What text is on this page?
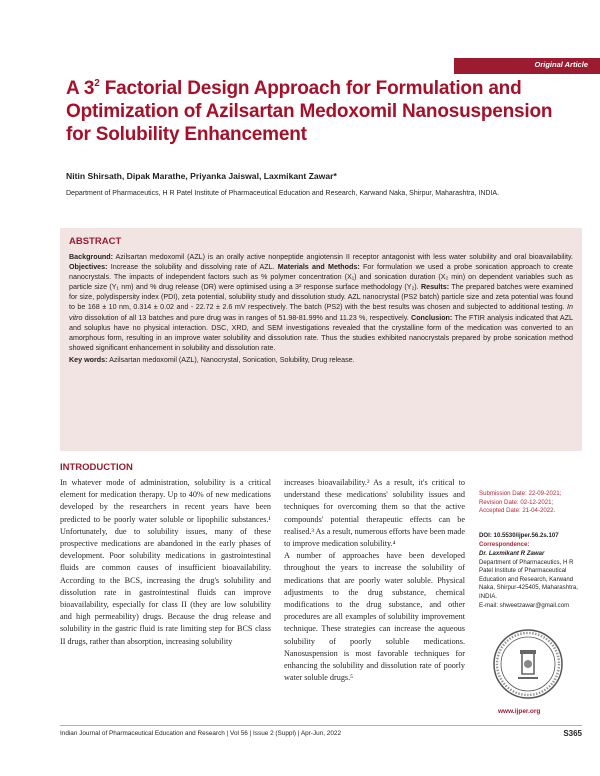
Original Article
A $3^2$ Factorial Design Approach for Formulation and Optimization of Azilsartan Medoxomil Nanosuspension for Solubility Enhancement
Nitin Shirsath, Dipak Marathe, Priyanka Jaiswal, Laxmikant Zawar*
Department of Pharmaceutics, H R Patel Institute of Pharmaceutical Education and Research, Karwand Naka, Shirpur, Maharashtra, INDIA.
ABSTRACT
Background: Azilsartan medoxomil (AZL) is an orally active nonpeptide angiotensin II receptor antagonist with less water solubility and oral bioavailability. Objectives: Increase the solubility and dissolving rate of AZL. Materials and Methods: For formulation we used a probe sonication approach to create nanocrystals. The impacts of independent factors such as % polymer concentration (X₁) and sonication duration (X₂ min) on dependent variables such as particle size (Y₁ nm) and % drug release (DR) were optimised using a 3² response surface methodology (Y₂). Results: The prepared batches were examined for size, polydispersity index (PDI), zeta potential, solubility study and dissolution study. AZL nanocrystal (PS2 batch) particle size and zeta potential was found to be 168 ± 10 nm, 0.314 ± 0.02 and - 22.72 ± 2.6 mV respectively. The batch (PS2) with the best results was chosen and subjected to additional testing. In vitro dissolution of all 13 batches and pure drug was in ranges of 51.98-81.99% and 11.23 %, respectively. Conclusion: The FTIR analysis indicated that AZL and soluplus have no physical interaction. DSC, XRD, and SEM investigations revealed that the crystalline form of the medication was converted to an amorphous form, resulting in an improve water solubility and dissolution rate. Thus the studies exhibited nanocrystals prepared by probe sonication method showed significant enhancement in solubility and dissolution rate.
Key words: Azilsartan medoxomil (AZL), Nanocrystal, Sonication, Solubility, Drug release.
INTRODUCTION

In whatever mode of administration, solubility is a critical element for medication therapy. Up to 40% of new medications developed by the researchers in recent years have been predicted to be poorly water soluble or lipophilic substances.¹ Unfortunately, due to solubility issues, many of these prospective medications are abandoned in the early phases of development. Poor solubility medications in gastrointestinal fluids are common causes of insufficient bioavailability. According to the BCS, increasing the drug's solubility and dissolution rate in gastrointestinal fluids can improve bioavailability, especially for class II (they are low solubility and high permeability) drugs. Because the drug release and solubility in the gastric fluid is rate limiting step for BCS class II drugs, rather than absorption, increasing solubility

increases bioavailability.² As a result, it's critical to understand these medications' solubility issues and techniques for overcoming them so that the active compounds' potential therapeutic effects can be realised.³ As a result, numerous efforts have been made to improve medication solubility.⁴

A number of approaches have been developed throughout the years to increase the solubility of medications that are poorly water soluble. Physical adjustments to the drug substance, chemical modifications to the drug substance, and other procedures are all examples of solubility improvement technique. These strategies can increase the aqueous solubility of poorly soluble medications. Nanosuspension is most favorable techniques for enhancing the solubility and dissolution rate of poorly water soluble drugs.⁵

Submission Date: 22-09-2021;
Revision Date: 02-12-2021;
Accepted Date: 21-04-2022.
DOI: 10.5530/ijper.56.2s.107
Correspondence:
Dr. Laxmikant R Zawar
Department of Pharmaceutics, H R Patel Institute of Pharmaceutical Education and Research, Karwand Naka, Shirpur-425405, Maharashtra, INDIA.
E-mail: shweetzawar@gmail.com
www.ijper.org
Indian Journal of Pharmaceutical Education and Research | Vol 56 | Issue 2 (Suppl) | Apr-Jun, 2022	S365
